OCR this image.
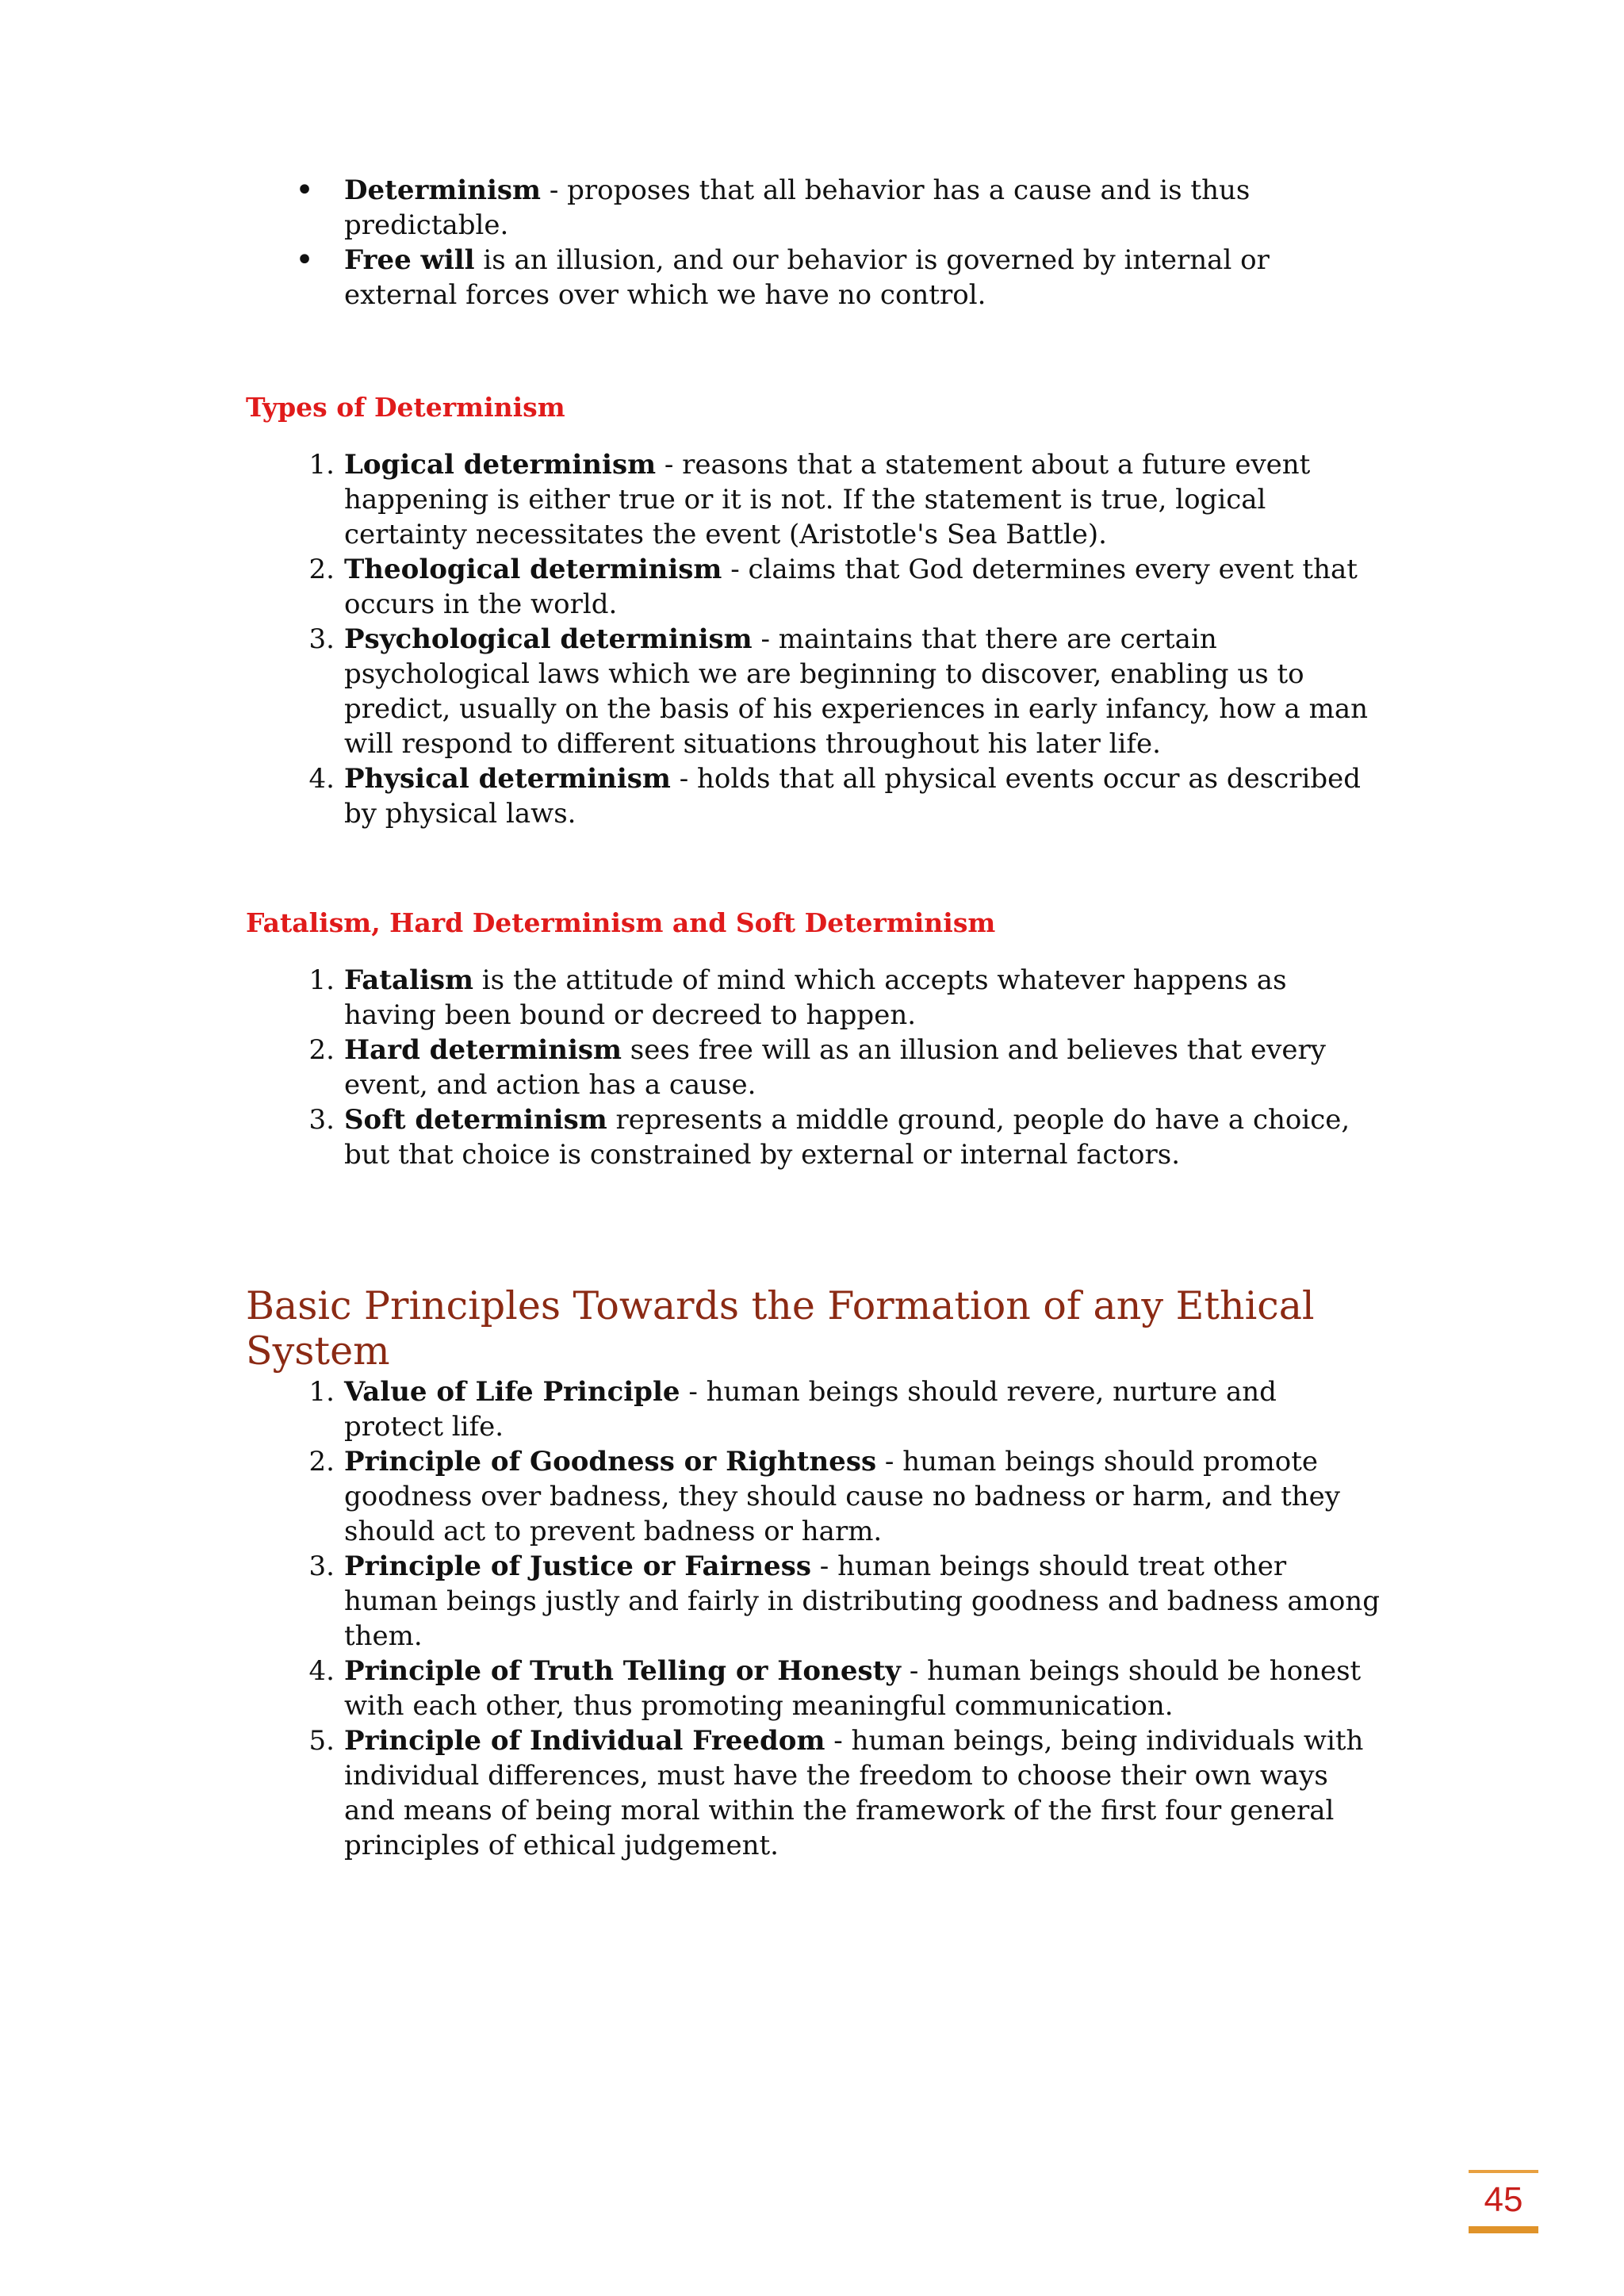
• Determinism - proposes that all behavior has a cause and is thus predictable.
• Free will is an illusion, and our behavior is governed by internal or external forces over which we have no control.
Types of Determinism
1. Logical determinism - reasons that a statement about a future event happening is either true or it is not. If the statement is true, logical certainty necessitates the event (Aristotle's Sea Battle).
2. Theological determinism - claims that God determines every event that occurs in the world.
3. Psychological determinism - maintains that there are certain psychological laws which we are beginning to discover, enabling us to predict, usually on the basis of his experiences in early infancy, how a man will respond to different situations throughout his later life.
4. Physical determinism - holds that all physical events occur as described by physical laws.
Fatalism, Hard Determinism and Soft Determinism
1. Fatalism is the attitude of mind which accepts whatever happens as having been bound or decreed to happen.
2. Hard determinism sees free will as an illusion and believes that every event, and action has a cause.
3. Soft determinism represents a middle ground, people do have a choice, but that choice is constrained by external or internal factors.
Basic Principles Towards the Formation of any Ethical System
1. Value of Life Principle - human beings should revere, nurture and protect life.
2. Principle of Goodness or Rightness - human beings should promote goodness over badness, they should cause no badness or harm, and they should act to prevent badness or harm.
3. Principle of Justice or Fairness - human beings should treat other human beings justly and fairly in distributing goodness and badness among them.
4. Principle of Truth Telling or Honesty - human beings should be honest with each other, thus promoting meaningful communication.
5. Principle of Individual Freedom - human beings, being individuals with individual differences, must have the freedom to choose their own ways and means of being moral within the framework of the first four general principles of ethical judgement.
45
